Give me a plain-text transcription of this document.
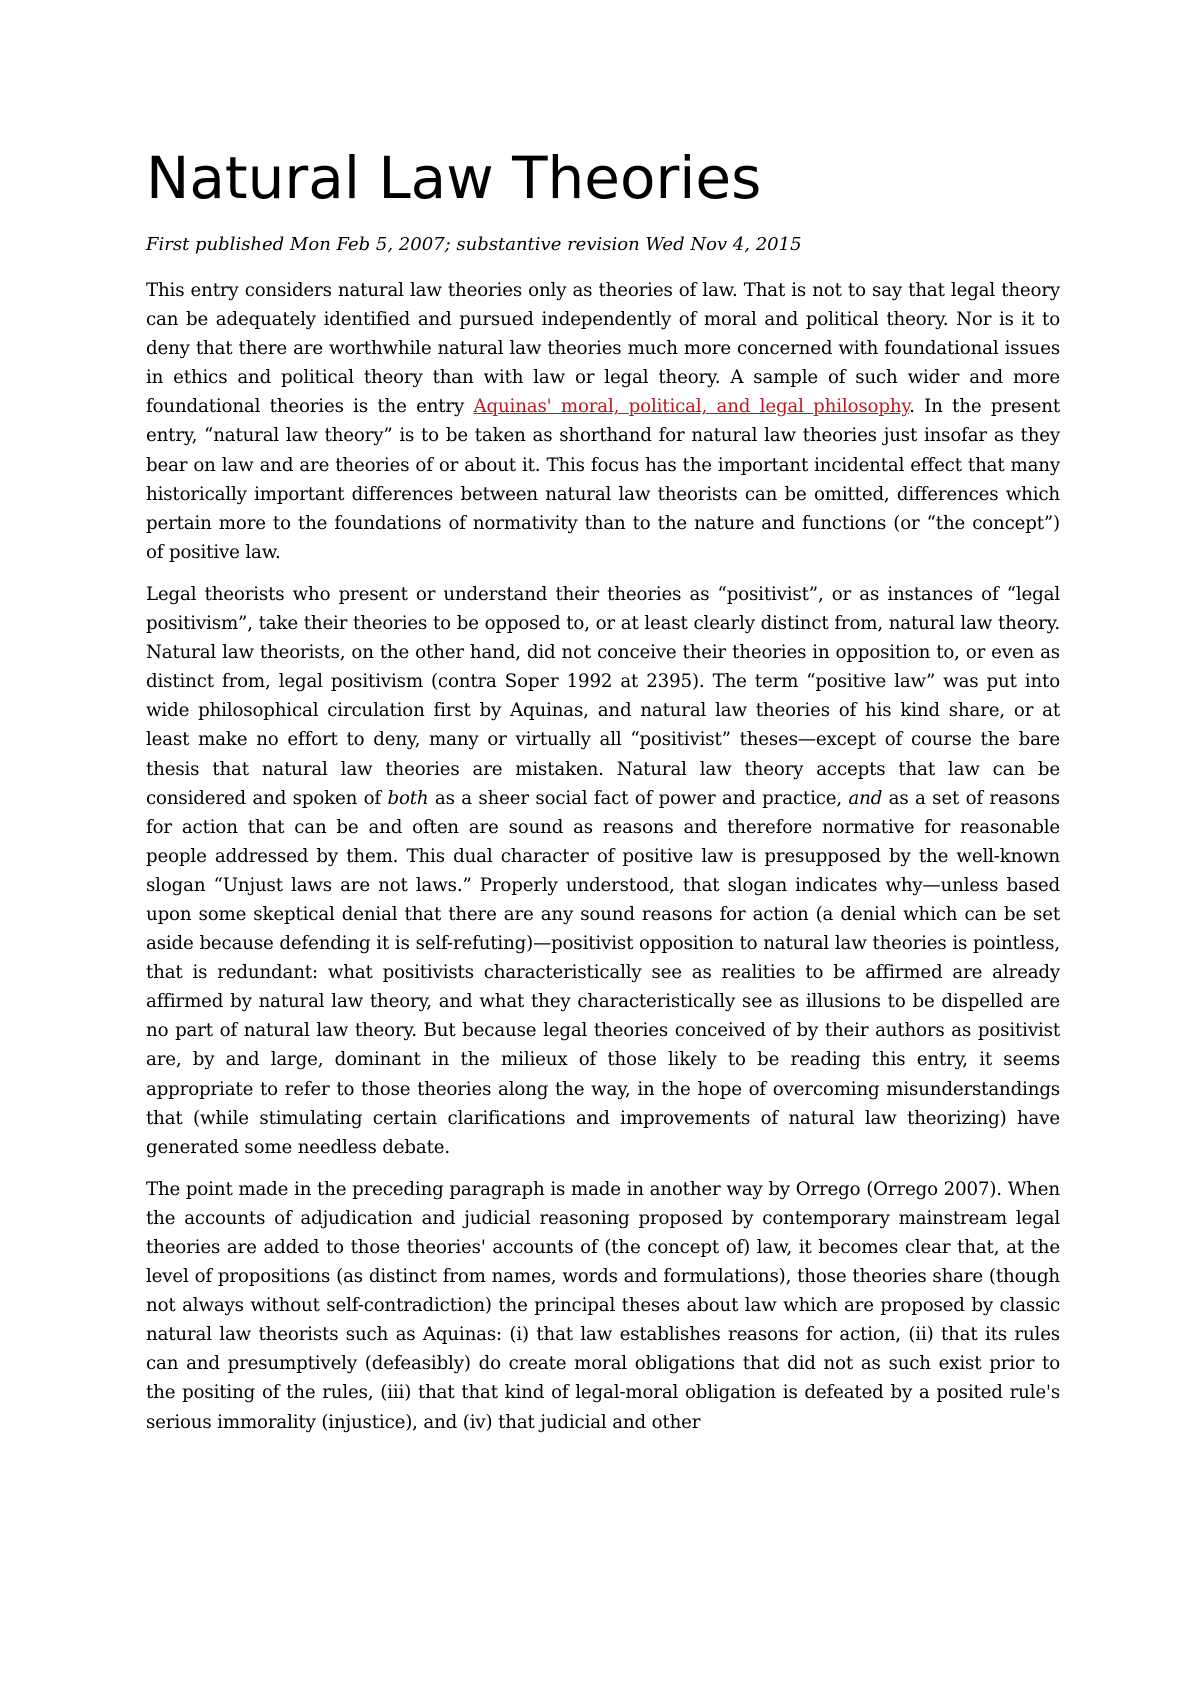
Natural Law Theories

First published Mon Feb 5, 2007; substantive revision Wed Nov 4, 2015

This entry considers natural law theories only as theories of law. That is not to say that legal theory can be adequately identified and pursued independently of moral and political theory. Nor is it to deny that there are worthwhile natural law theories much more concerned with foundational issues in ethics and political theory than with law or legal theory. A sample of such wider and more foundational theories is the entry Aquinas' moral, political, and legal philosophy. In the present entry, “natural law theory” is to be taken as shorthand for natural law theories just insofar as they bear on law and are theories of or about it. This focus has the important incidental effect that many historically important differences between natural law theorists can be omitted, differences which pertain more to the foundations of normativity than to the nature and functions (or “the concept”) of positive law.

Legal theorists who present or understand their theories as “positivist”, or as instances of “legal positivism”, take their theories to be opposed to, or at least clearly distinct from, natural law theory. Natural law theorists, on the other hand, did not conceive their theories in opposition to, or even as distinct from, legal positivism (contra Soper 1992 at 2395). The term “positive law” was put into wide philosophical circulation first by Aquinas, and natural law theories of his kind share, or at least make no effort to deny, many or virtually all “positivist” theses—except of course the bare thesis that natural law theories are mistaken. Natural law theory accepts that law can be considered and spoken of both as a sheer social fact of power and practice, and as a set of reasons for action that can be and often are sound as reasons and therefore normative for reasonable people addressed by them. This dual character of positive law is presupposed by the well-known slogan “Unjust laws are not laws.” Properly understood, that slogan indicates why—unless based upon some skeptical denial that there are any sound reasons for action (a denial which can be set aside because defending it is self-refuting)—positivist opposition to natural law theories is pointless, that is redundant: what positivists characteristically see as realities to be affirmed are already affirmed by natural law theory, and what they characteristically see as illusions to be dispelled are no part of natural law theory. But because legal theories conceived of by their authors as positivist are, by and large, dominant in the milieux of those likely to be reading this entry, it seems appropriate to refer to those theories along the way, in the hope of overcoming misunderstandings that (while stimulating certain clarifications and improvements of natural law theorizing) have generated some needless debate.

The point made in the preceding paragraph is made in another way by Orrego (Orrego 2007). When the accounts of adjudication and judicial reasoning proposed by contemporary mainstream legal theories are added to those theories' accounts of (the concept of) law, it becomes clear that, at the level of propositions (as distinct from names, words and formulations), those theories share (though not always without self-contradiction) the principal theses about law which are proposed by classic natural law theorists such as Aquinas: (i) that law establishes reasons for action, (ii) that its rules can and presumptively (defeasibly) do create moral obligations that did not as such exist prior to the positing of the rules, (iii) that that kind of legal-moral obligation is defeated by a posited rule's serious immorality (injustice), and (iv) that judicial and other
